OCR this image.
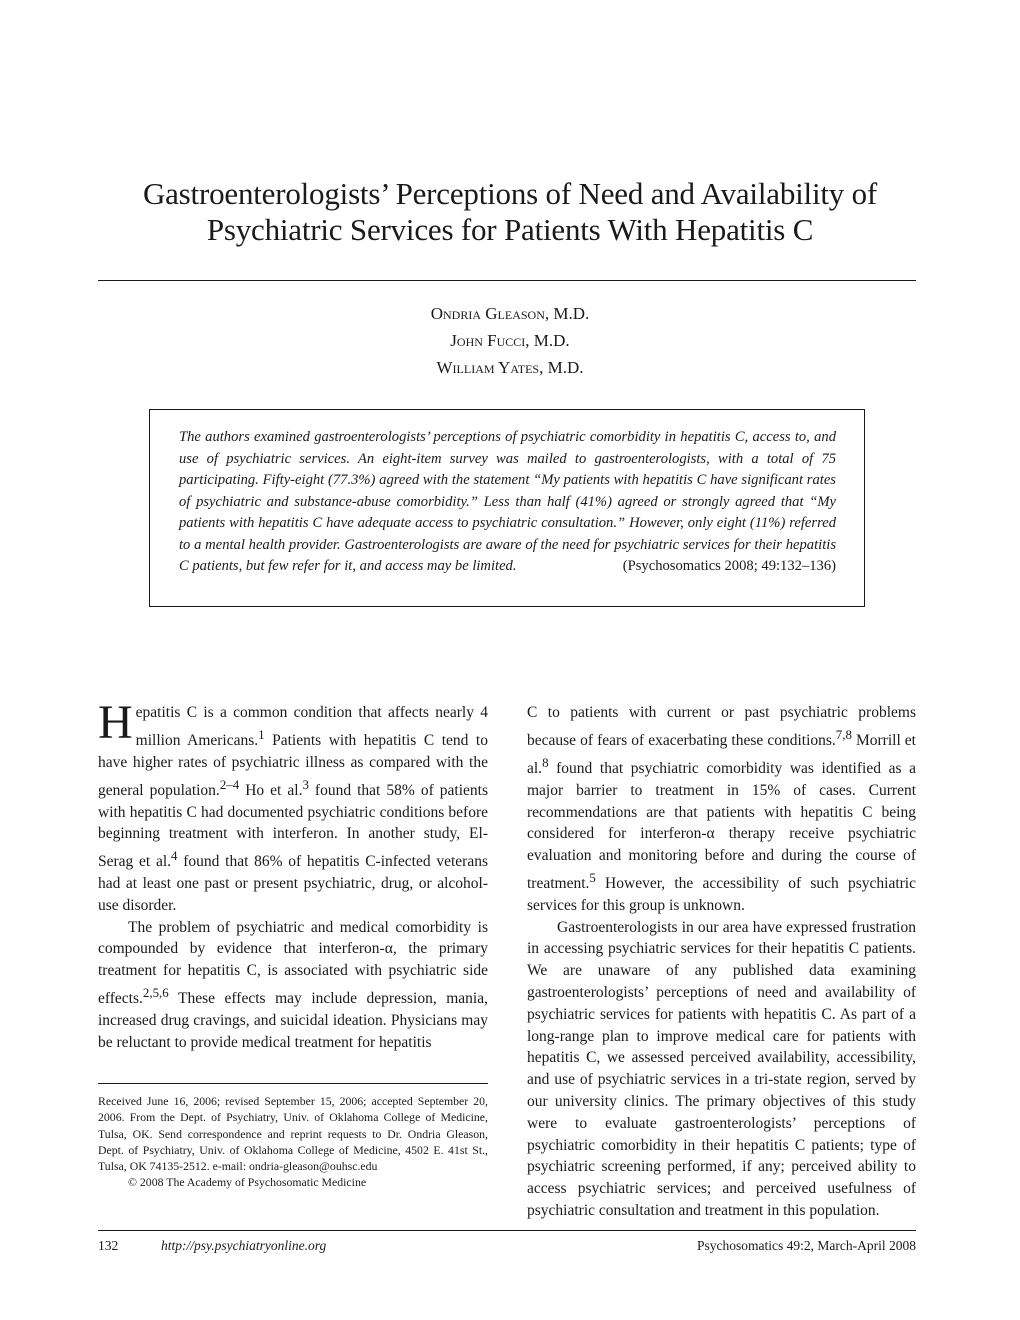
Gastroenterologists’ Perceptions of Need and Availability of
Psychiatric Services for Patients With Hepatitis C
Ondria Gleason, M.D.
John Fucci, M.D.
William Yates, M.D.
The authors examined gastroenterologists’ perceptions of psychiatric comorbidity in hepatitis C, access to, and use of psychiatric services. An eight-item survey was mailed to gastroenterologists, with a total of 75 participating. Fifty-eight (77.3%) agreed with the statement “My patients with hepatitis C have significant rates of psychiatric and substance-abuse comorbidity.” Less than half (41%) agreed or strongly agreed that “My patients with hepatitis C have adequate access to psychiatric consultation.” However, only eight (11%) referred to a mental health provider. Gastroenterologists are aware of the need for psychiatric services for their hepatitis C patients, but few refer for it, and access may be limited.	(Psychosomatics 2008; 49:132–136)

Hepatitis C is a common condition that affects nearly 4 million Americans.$^1$ Patients with hepatitis C tend to have higher rates of psychiatric illness as compared with the general population.$^{2-4}$ Ho et al.$^3$ found that 58% of patients with hepatitis C had documented psychiatric conditions before beginning treatment with interferon. In another study, El-Serag et al.$^4$ found that 86% of hepatitis C-infected veterans had at least one past or present psychiatric, drug, or alcohol-use disorder.

The problem of psychiatric and medical comorbidity is compounded by evidence that interferon-α, the primary treatment for hepatitis C, is associated with psychiatric side effects.$^{2,5,6}$ These effects may include depression, mania, increased drug cravings, and suicidal ideation. Physicians may be reluctant to provide medical treatment for hepatitis

C to patients with current or past psychiatric problems because of fears of exacerbating these conditions.$^{7,8}$ Morrill et al.$^8$ found that psychiatric comorbidity was identified as a major barrier to treatment in 15% of cases. Current recommendations are that patients with hepatitis C being considered for interferon-α therapy receive psychiatric evaluation and monitoring before and during the course of treatment.$^5$ However, the accessibility of such psychiatric services for this group is unknown.

Gastroenterologists in our area have expressed frustration in accessing psychiatric services for their hepatitis C patients. We are unaware of any published data examining gastroenterologists’ perceptions of need and availability of psychiatric services for patients with hepatitis C. As part of a long-range plan to improve medical care for patients with hepatitis C, we assessed perceived availability, accessibility, and use of psychiatric services in a tri-state region, served by our university clinics. The primary objectives of this study were to evaluate gastroenterologists’ perceptions of psychiatric comorbidity in their hepatitis C patients; type of psychiatric screening performed, if any; perceived ability to access psychiatric services; and perceived usefulness of psychiatric consultation and treatment in this population.

Received June 16, 2006; revised September 15, 2006; accepted September 20, 2006. From the Dept. of Psychiatry, Univ. of Oklahoma College of Medicine, Tulsa, OK. Send correspondence and reprint requests to Dr. Ondria Gleason, Dept. of Psychiatry, Univ. of Oklahoma College of Medicine, 4502 E. 41st St., Tulsa, OK 74135-2512. e-mail: ondria-gleason@ouhsc.edu

© 2008 The Academy of Psychosomatic Medicine

132	http://psy.psychiatryonline.org	Psychosomatics 49:2, March-April 2008
